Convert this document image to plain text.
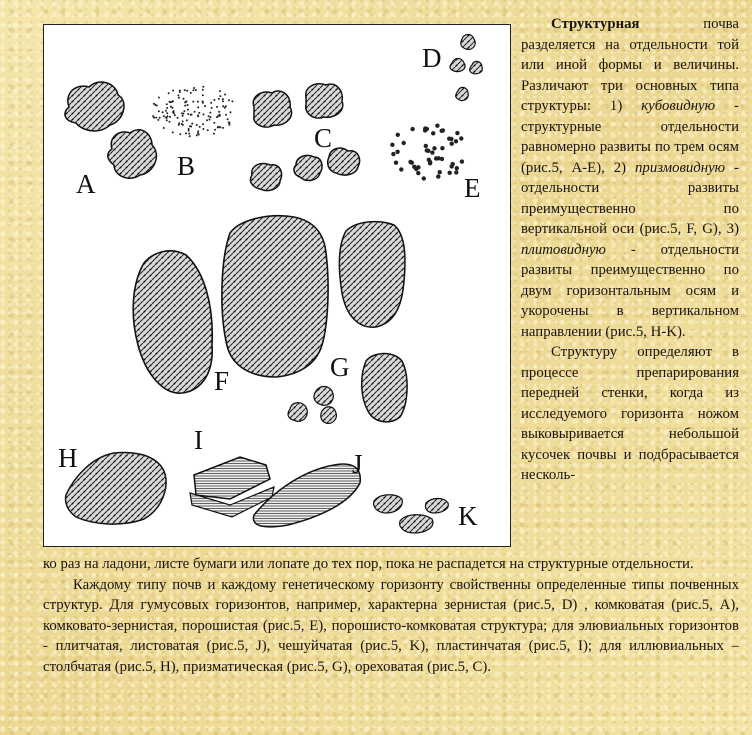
A
B
C
D
E
F	G
H
I
J
K

Структурная почва разделяется на отдельности той или иной формы и величины. Различают три основных типа структуры: 1) кубовидную - структурные отдельности равномерно развиты по трем осям (рис.5, A-E), 2) призмовидную - отдельности развиты преимущественно по вертикальной оси (рис.5, F, G), 3) плитовидную - отдельности развиты преимущественно по двум горизонтальным осям и укорочены в вертикальном направлении (рис.5, H-K).

Структуру определяют в процессе препарирования передней стенки, когда из исследуемого горизонта ножом выковыривается небольшой кусочек почвы и подбрасывается несколь-

ко раз на ладони, листе бумаги или лопате до тех пор, пока не распадется на структурные отдельности.

Каждому типу почв и каждому генетическому горизонту свойственны определенные типы почвенных структур. Для гумусовых горизонтов, например, характерна зернистая (рис.5, D) , комковатая (рис.5, A), комковато-зернистая, порошистая (рис.5, E), порошисто-комковатая структура; для элювиальных горизонтов - плитчатая, листоватая (рис.5, J), чешуйчатая (рис.5, K), пластинчатая (рис.5, I); для иллювиальных – столбчатая (рис.5, H), призматическая (рис.5, G), ореховатая (рис.5, C).
